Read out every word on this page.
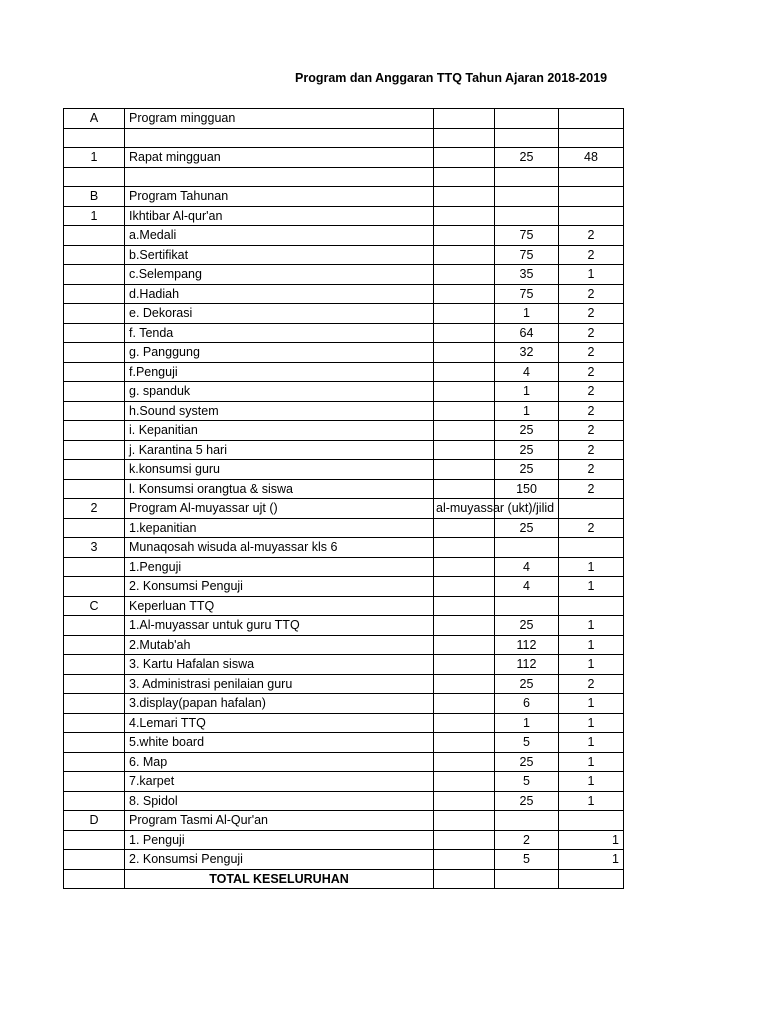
Program dan Anggaran TTQ Tahun Ajaran 2018-2019
A	Program mingguan	

1	Rapat mingguan		25	48

B	Program Tahunan	

1	Ikhtibar Al-qur'an	

	a.Medali		75	2
	b.Sertifikat		75	2
	c.Selempang		35	1
	d.Hadiah		75	2
	e. Dekorasi		1	2
	f. Tenda		64	2
	g. Panggung		32	2
	f.Penguji		4	2
	g. spanduk		1	2
	h.Sound system		1	2
	i. Kepanitian		25	2
	j. Karantina 5 hari		25	2
	k.konsumsi guru		25	2
	l. Konsumsi orangtua & siswa		150	2
2	Program Al-muyassar ujt ()	al-muyassar (ukt)/jilid		

	1.kepanitian		25	2
3	Munaqosah wisuda al-muyassar kls 6	

	1.Penguji		4	1
	2. Konsumsi Penguji		4	1
C	Keperluan TTQ	

	1.Al-muyassar untuk guru TTQ		25	1
	2.Mutab'ah		112	1
	3. Kartu Hafalan siswa		112	1
	3. Administrasi penilaian guru		25	2
	3.display(papan hafalan)		6	1
	4.Lemari TTQ		1	1
	5.white board		5	1
	6. Map		25	1
	7.karpet		5	1
	8. Spidol		25	1
D	Program Tasmi Al-Qur'an	

	1. Penguji		2	1
	2. Konsumsi Penguji		5	1
	TOTAL KESELURUHAN			
